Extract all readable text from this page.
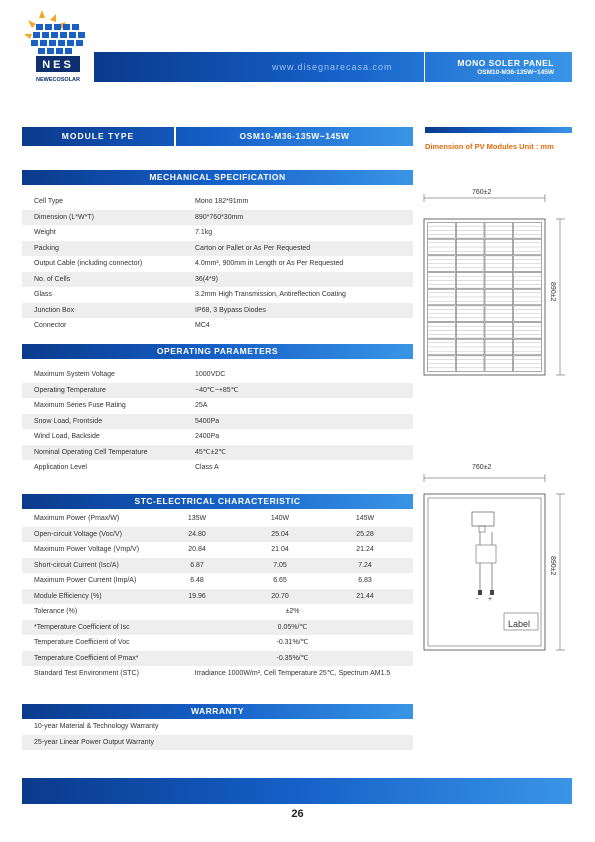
NES
NEWECOSOLAR
www.disegnarecasa.com	MONO SOLER PANEL
OSM10-M36-135W~145W
MODULE TYPE	OSM10-M36-135W~145W
Dimension of PV Modules Unit : mm
MECHANICAL SPECIFICATION
Cell Type	Mono 182*91mm
Dimension (L*W*T)	890*760*30mm
Weight	7.1kg
Packing	Carton or Pallet or As Per Requested
Output Cable (including connector)	4.0mm², 900mm in Length or As Per Requested
No. of Cells	36(4*9)
Glass	3.2mm High Transmission, Antireflection Coating
Junction Box	IP68, 3 Bypass Diodes
Connector	MC4
OPERATING PARAMETERS
Maximum System Voltage	1000VDC
Operating Temperature	−40℃~+85℃
Maximum Series Fuse Rating	25A
Snow Load, Frontside	5400Pa
Wind Load, Backside	2400Pa
Nominal Operating Cell Temperature	45℃±2℃
Application Level	Class A
STC-ELECTRICAL CHARACTERISTIC
Maximum Power (Pmax/W)	135W	140W	145W
Open-circuit Voltage (Voc/V)	24.80	25.04	25.28
Maximum Power Voltage (Vmp/V)	20.84	21.04	21.24
Short-circuit Current (Isc/A)	6.87	7.05	7.24
Maximum Power Current (Imp/A)	6.48	6.65	6.83
Module Efficiency (%)	19.96	20.70	21.44
Tolerance (%)	±2%
*Temperature Coefficient of Isc	0.05%/℃
Temperature Coefficient of Voc	-0.31%/℃
Temperature Coefficient of Pmax*	-0.35%/℃
Standard Test Environment (STC)	Irradiance 1000W/m², Cell Temperature 25℃, Spectrum AM1.5
WARRANTY
10-year Material & Technology Warranty
25-year Linear Power Output Warranty
760±2
890±2
760±2
890±2
- +
Label
26
